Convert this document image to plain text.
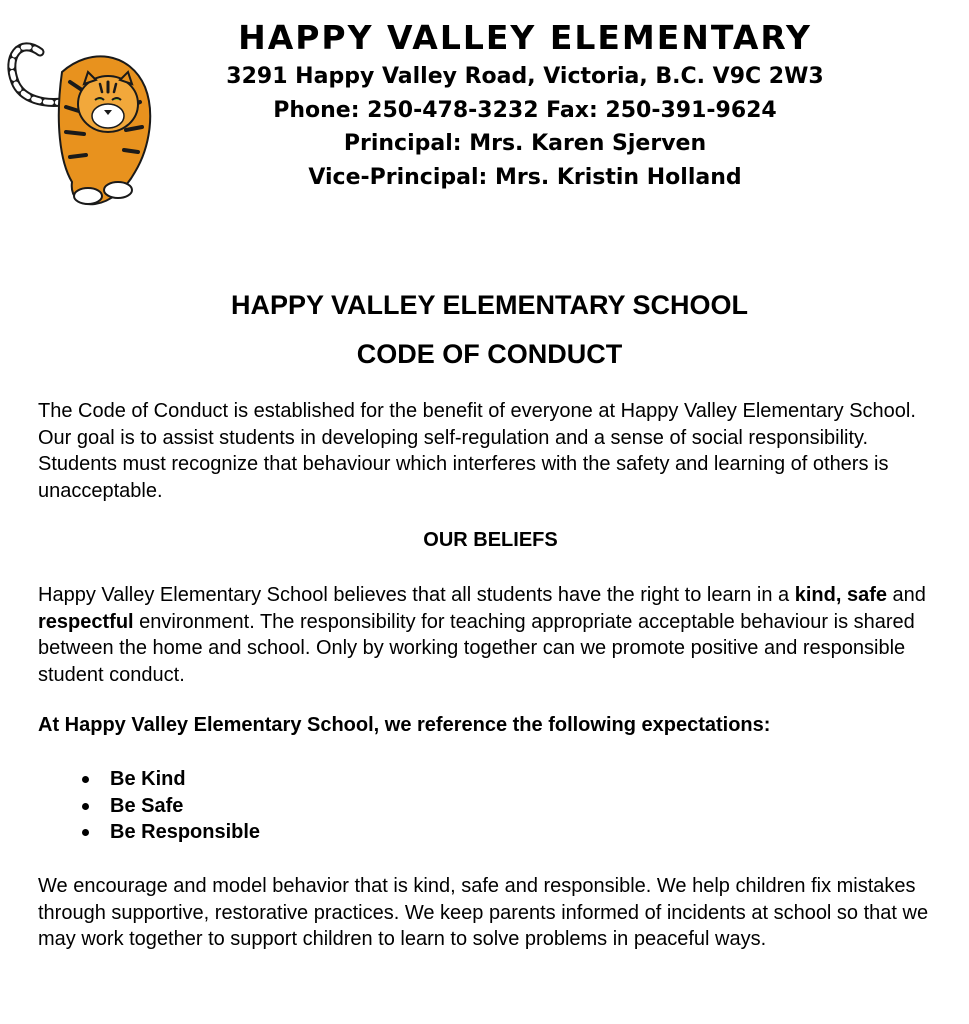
HAPPY VALLEY ELEMENTARY

3291 Happy Valley Road, Victoria, B.C. V9C 2W3

Phone: 250-478-3232 Fax: 250-391-9624

Principal: Mrs. Karen Sjerven

Vice-Principal: Mrs. Kristin Holland

HAPPY VALLEY ELEMENTARY SCHOOL
CODE OF CONDUCT

The Code of Conduct is established for the benefit of everyone at Happy Valley Elementary School. Our goal is to assist students in developing self-regulation and a sense of social responsibility. Students must recognize that behaviour which interferes with the safety and learning of others is unacceptable.

OUR BELIEFS

Happy Valley Elementary School believes that all students have the right to learn in a kind, safe and respectful environment. The responsibility for teaching appropriate acceptable behaviour is shared between the home and school. Only by working together can we promote positive and responsible student conduct.

At Happy Valley Elementary School, we reference the following expectations:

Be Kind
Be Safe
Be Responsible

We encourage and model behavior that is kind, safe and responsible. We help children fix mistakes through supportive, restorative practices. We keep parents informed of incidents at school so that we may work together to support children to learn to solve problems in peaceful ways.
